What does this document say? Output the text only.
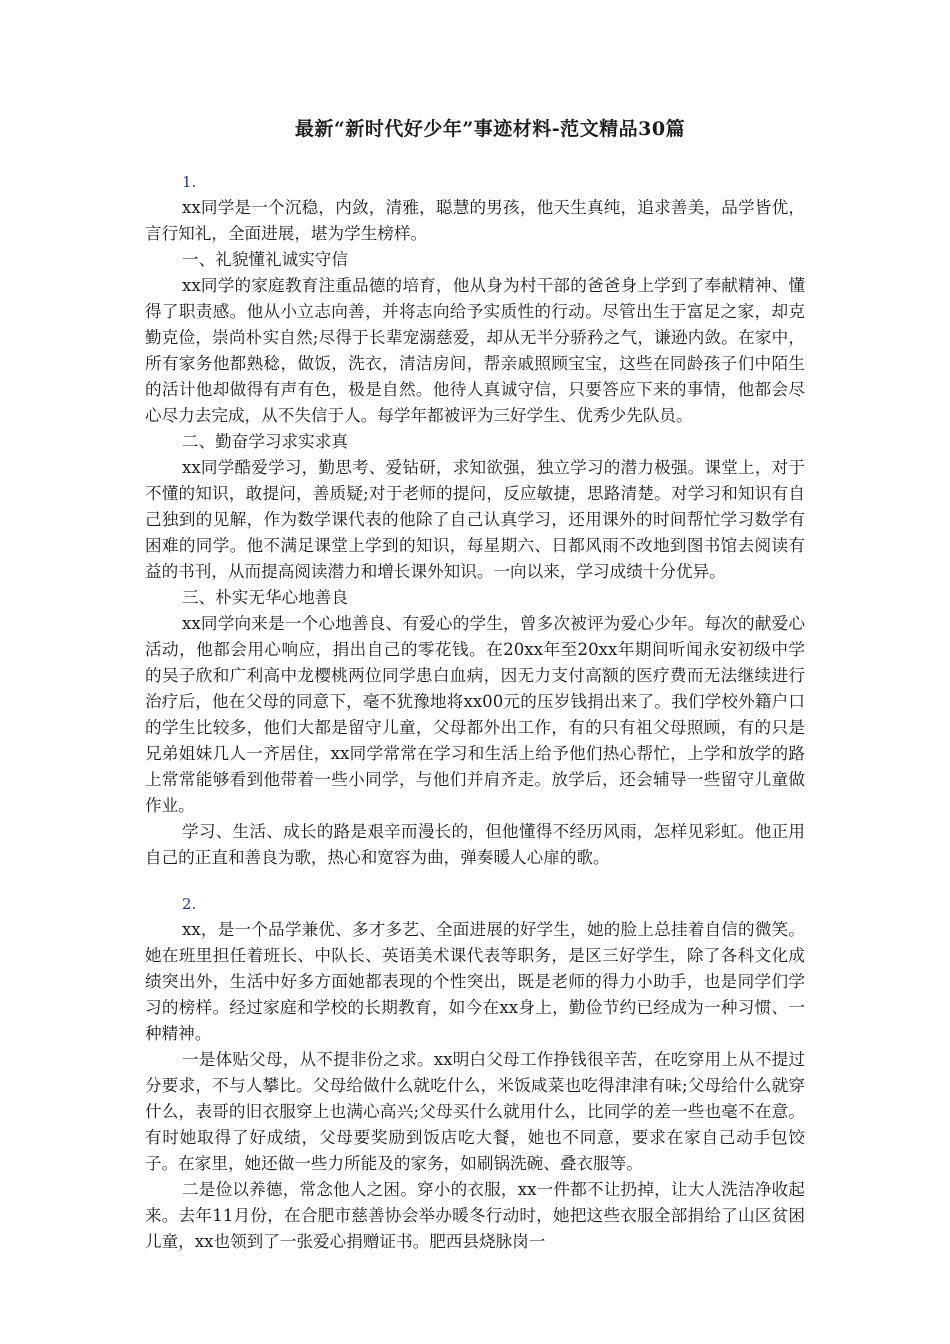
最新“新时代好少年”事迹材料-范文精品30篇
1.

xx同学是一个沉稳，内敛，清雅，聪慧的男孩，他天生真纯，追求善美，品学皆优，言行知礼，全面进展，堪为学生榜样。

一、礼貌懂礼诚实守信

xx同学的家庭教育注重品德的培育，他从身为村干部的爸爸身上学到了奉献精神、懂得了职责感。他从小立志向善，并将志向给予实质性的行动。尽管出生于富足之家，却克勤克俭，崇尚朴实自然;尽得于长辈宠溺慈爱，却从无半分骄矜之气，谦逊内敛。在家中，所有家务他都熟稔，做饭，洗衣，清洁房间，帮亲戚照顾宝宝，这些在同龄孩子们中陌生的活计他却做得有声有色，极是自然。他待人真诚守信，只要答应下来的事情，他都会尽心尽力去完成，从不失信于人。每学年都被评为三好学生、优秀少先队员。

二、勤奋学习求实求真

xx同学酷爱学习，勤思考、爱钻研，求知欲强，独立学习的潜力极强。课堂上，对于不懂的知识，敢提问，善质疑;对于老师的提问，反应敏捷，思路清楚。对学习和知识有自己独到的见解，作为数学课代表的他除了自己认真学习，还用课外的时间帮忙学习数学有困难的同学。他不满足课堂上学到的知识，每星期六、日都风雨不改地到图书馆去阅读有益的书刊，从而提高阅读潜力和增长课外知识。一向以来，学习成绩十分优异。

三、朴实无华心地善良

xx同学向来是一个心地善良、有爱心的学生，曾多次被评为爱心少年。每次的献爱心活动，他都会用心响应，捐出自己的零花钱。在20xx年至20xx年期间听闻永安初级中学的吴子欣和广利高中龙樱桃两位同学患白血病，因无力支付高额的医疗费而无法继续进行治疗后，他在父母的同意下，毫不犹豫地将xx00元的压岁钱捐出来了。我们学校外籍户口的学生比较多，他们大都是留守儿童，父母都外出工作，有的只有祖父母照顾，有的只是兄弟姐妹几人一齐居住，xx同学常常在学习和生活上给予他们热心帮忙，上学和放学的路上常常能够看到他带着一些小同学，与他们并肩齐走。放学后，还会辅导一些留守儿童做作业。

学习、生活、成长的路是艰辛而漫长的，但他懂得不经历风雨，怎样见彩虹。他正用自己的正直和善良为歌，热心和宽容为曲，弹奏暖人心扉的歌。

2.

xx，是一个品学兼优、多才多艺、全面进展的好学生，她的脸上总挂着自信的微笑。她在班里担任着班长、中队长、英语美术课代表等职务，是区三好学生，除了各科文化成绩突出外，生活中好多方面她都表现的个性突出，既是老师的得力小助手，也是同学们学习的榜样。经过家庭和学校的长期教育，如今在xx身上，勤俭节约已经成为一种习惯、一种精神。

一是体贴父母，从不提非份之求。xx明白父母工作挣钱很辛苦，在吃穿用上从不提过分要求，不与人攀比。父母给做什么就吃什么，米饭咸菜也吃得津津有味;父母给什么就穿什么，表哥的旧衣服穿上也满心高兴;父母买什么就用什么，比同学的差一些也毫不在意。有时她取得了好成绩，父母要奖励到饭店吃大餐，她也不同意，要求在家自己动手包饺子。在家里，她还做一些力所能及的家务，如刷锅洗碗、叠衣服等。

二是俭以养德，常念他人之困。穿小的衣服，xx一件都不让扔掉，让大人洗洁净收起来。去年11月份，在合肥市慈善协会举办暖冬行动时，她把这些衣服全部捐给了山区贫困儿童，xx也领到了一张爱心捐赠证书。肥西县烧脉岗一
